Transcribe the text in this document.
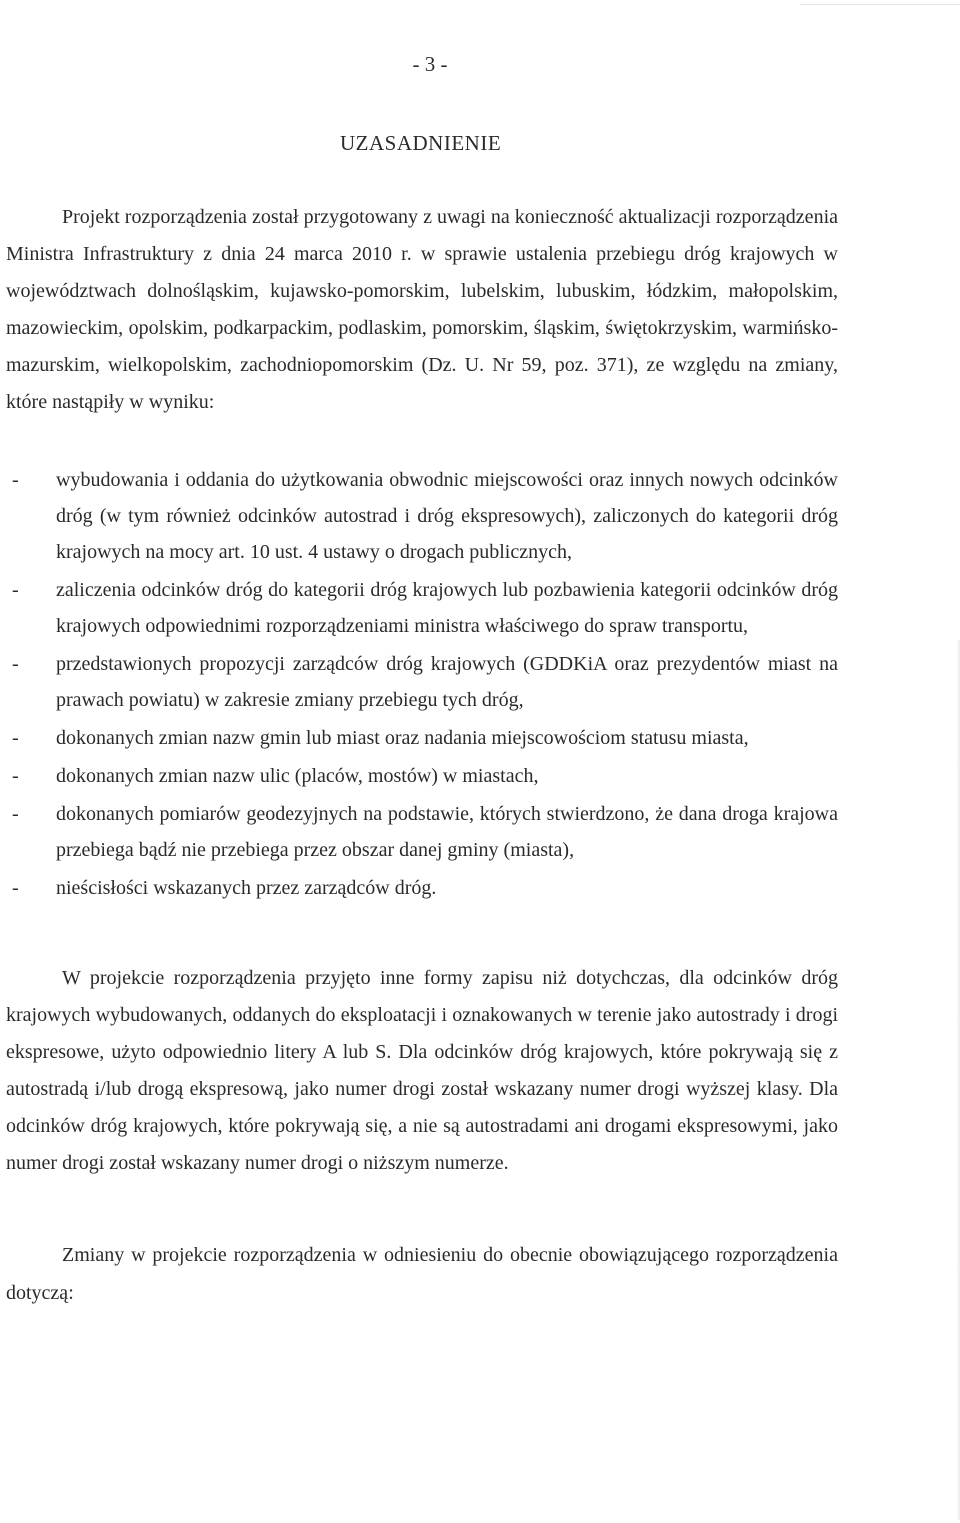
- 3 -
UZASADNIENIE

Projekt rozporządzenia został przygotowany z uwagi na konieczność aktualizacji rozporządzenia Ministra Infrastruktury z dnia 24 marca 2010 r. w sprawie ustalenia przebiegu dróg krajowych w województwach dolnośląskim, kujawsko-pomorskim, lubelskim, lubuskim, łódzkim, małopolskim, mazowieckim, opolskim, podkarpackim, podlaskim, pomorskim, śląskim, świętokrzyskim, warmińsko-mazurskim, wielkopolskim, zachodniopomorskim (Dz. U. Nr 59, poz. 371), ze względu na zmiany, które nastąpiły w wyniku:

- wybudowania i oddania do użytkowania obwodnic miejscowości oraz innych nowych odcinków dróg (w tym również odcinków autostrad i dróg ekspresowych), zaliczonych do kategorii dróg krajowych na mocy art. 10 ust. 4 ustawy o drogach publicznych,
- zaliczenia odcinków dróg do kategorii dróg krajowych lub pozbawienia kategorii odcinków dróg krajowych odpowiednimi rozporządzeniami ministra właściwego do spraw transportu,
- przedstawionych propozycji zarządców dróg krajowych (GDDKiA oraz prezydentów miast na prawach powiatu) w zakresie zmiany przebiegu tych dróg,
- dokonanych zmian nazw gmin lub miast oraz nadania miejscowościom statusu miasta,
- dokonanych zmian nazw ulic (placów, mostów) w miastach,
- dokonanych pomiarów geodezyjnych na podstawie, których stwierdzono, że dana droga krajowa przebiega bądź nie przebiega przez obszar danej gminy (miasta),
- nieścisłości wskazanych przez zarządców dróg.

W projekcie rozporządzenia przyjęto inne formy zapisu niż dotychczas, dla odcinków dróg krajowych wybudowanych, oddanych do eksploatacji i oznakowanych w terenie jako autostrady i drogi ekspresowe, użyto odpowiednio litery A lub S. Dla odcinków dróg krajowych, które pokrywają się z autostradą i/lub drogą ekspresową, jako numer drogi został wskazany numer drogi wyższej klasy. Dla odcinków dróg krajowych, które pokrywają się, a nie są autostradami ani drogami ekspresowymi, jako numer drogi został wskazany numer drogi o niższym numerze.

Zmiany w projekcie rozporządzenia w odniesieniu do obecnie obowiązującego rozporządzenia dotyczą:
